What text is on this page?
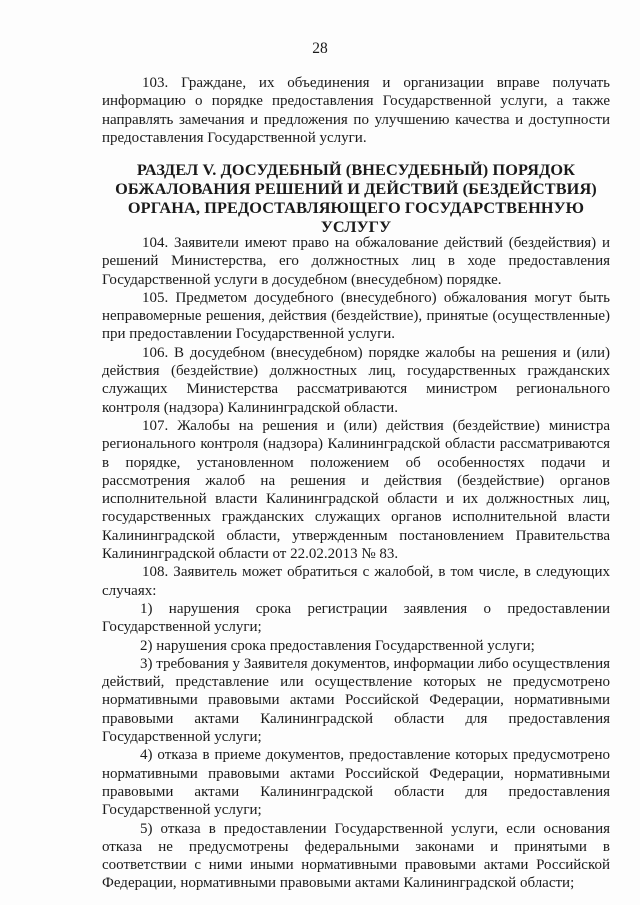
28

103. Граждане, их объединения и организации вправе получать информацию о порядке предоставления Государственной услуги, а также направлять замечания и предложения по улучшению качества и доступности предоставления Государственной услуги.

РАЗДЕЛ V. ДОСУДЕБНЫЙ (ВНЕСУДЕБНЫЙ) ПОРЯДОК
ОБЖАЛОВАНИЯ РЕШЕНИЙ И ДЕЙСТВИЙ (БЕЗДЕЙСТВИЯ)
ОРГАНА, ПРЕДОСТАВЛЯЮЩЕГО ГОСУДАРСТВЕННУЮ УСЛУГУ

104. Заявители имеют право на обжалование действий (бездействия) и решений Министерства, его должностных лиц в ходе предоставления Государственной услуги в досудебном (внесудебном) порядке.

105. Предметом досудебного (внесудебного) обжалования могут быть неправомерные решения, действия (бездействие), принятые (осуществленные) при предоставлении Государственной услуги.

106. В досудебном (внесудебном) порядке жалобы на решения и (или) действия (бездействие) должностных лиц, государственных гражданских служащих Министерства рассматриваются министром регионального контроля (надзора) Калининградской области.

107. Жалобы на решения и (или) действия (бездействие) министра регионального контроля (надзора) Калининградской области рассматриваются в порядке, установленном положением об особенностях подачи и рассмотрения жалоб на решения и действия (бездействие) органов исполнительной власти Калининградской области и их должностных лиц, государственных гражданских служащих органов исполнительной власти Калининградской области, утвержденным постановлением Правительства Калининградской области от 22.02.2013 № 83.

108. Заявитель может обратиться с жалобой, в том числе, в следующих случаях:

1) нарушения срока регистрации заявления о предоставлении Государственной услуги;

2) нарушения срока предоставления Государственной услуги;

3) требования у Заявителя документов, информации либо осуществления действий, представление или осуществление которых не предусмотрено нормативными правовыми актами Российской Федерации, нормативными правовыми актами Калининградской области для предоставления Государственной услуги;

4) отказа в приеме документов, предоставление которых предусмотрено нормативными правовыми актами Российской Федерации, нормативными правовыми актами Калининградской области для предоставления Государственной услуги;

5) отказа в предоставлении Государственной услуги, если основания отказа не предусмотрены федеральными законами и принятыми в соответствии с ними иными нормативными правовыми актами Российской Федерации, нормативными правовыми актами Калининградской области;
